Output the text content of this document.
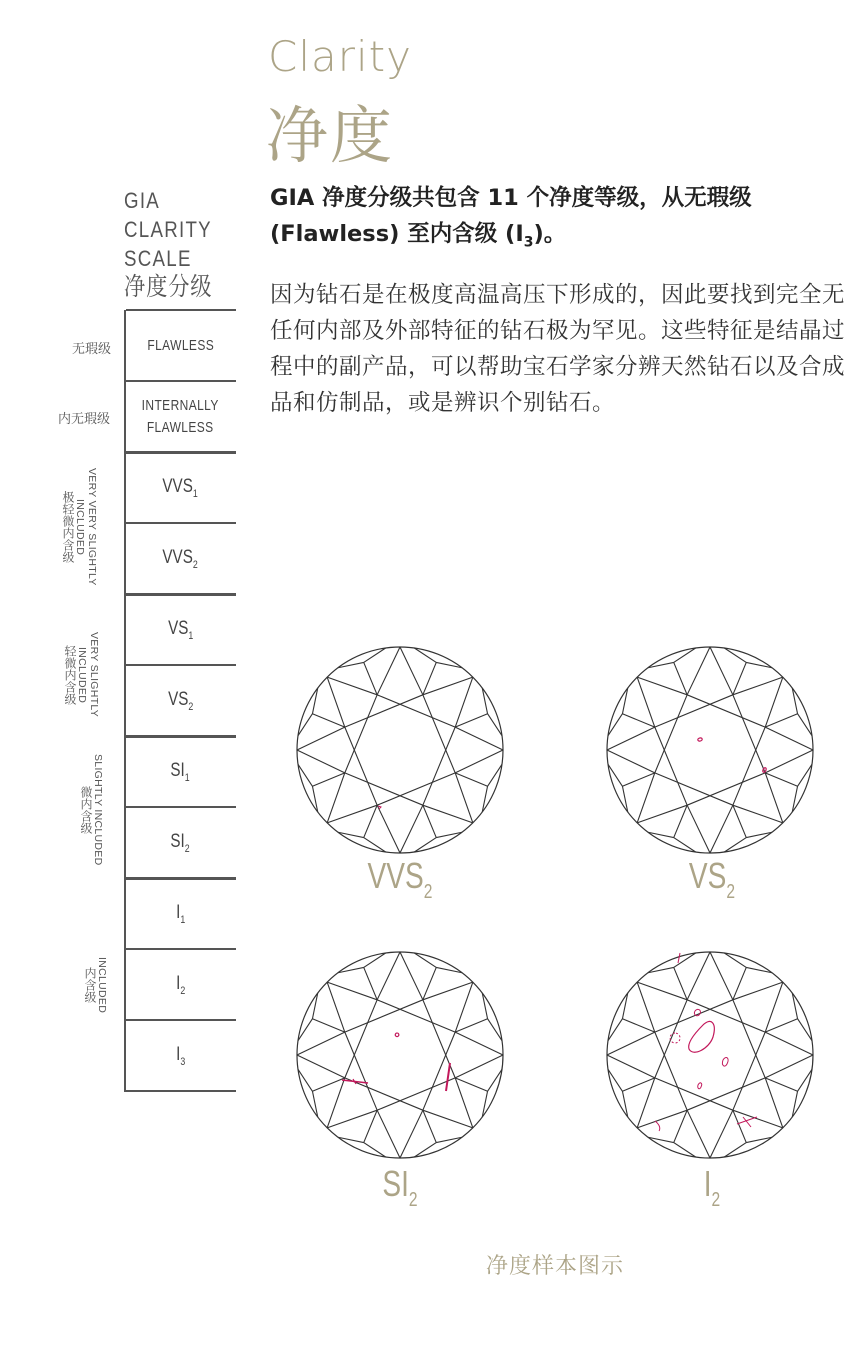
Clarity
净度
GIA
CLARITY
SCALE
净度分级
无瑕级
内无瑕级
VERY VERY SLIGHTLY
INCLUDED
极轻微内含级
VERY SLIGHTLY
INCLUDED
轻微内含级
SLIGHTLY INCLUDED
微内含级
INCLUDED
内含级
FLAWLESS
INTERNALLY
FLAWLESS
$VVS_1$
$VVS_2$
$VS_1$
$VS_2$
$SI_1$
$SI_2$
$I_1$
$I_2$
$I_3$
GIA 净度分级共包含 11 个净度等级，从无瑕级
(Flawless) 至内含级 $(I_3)$。
因为钻石是在极度高温高压下形成的，因此要找到完全无任何内部及外部特征的钻石极为罕见。这些特征是结晶过程中的副产品，可以帮助宝石学家分辨天然钻石以及合成品和仿制品，或是辨识个别钻石。
$VVS_2$	$VS_2$
$SI_2$	$I_2$
净度样本图示
